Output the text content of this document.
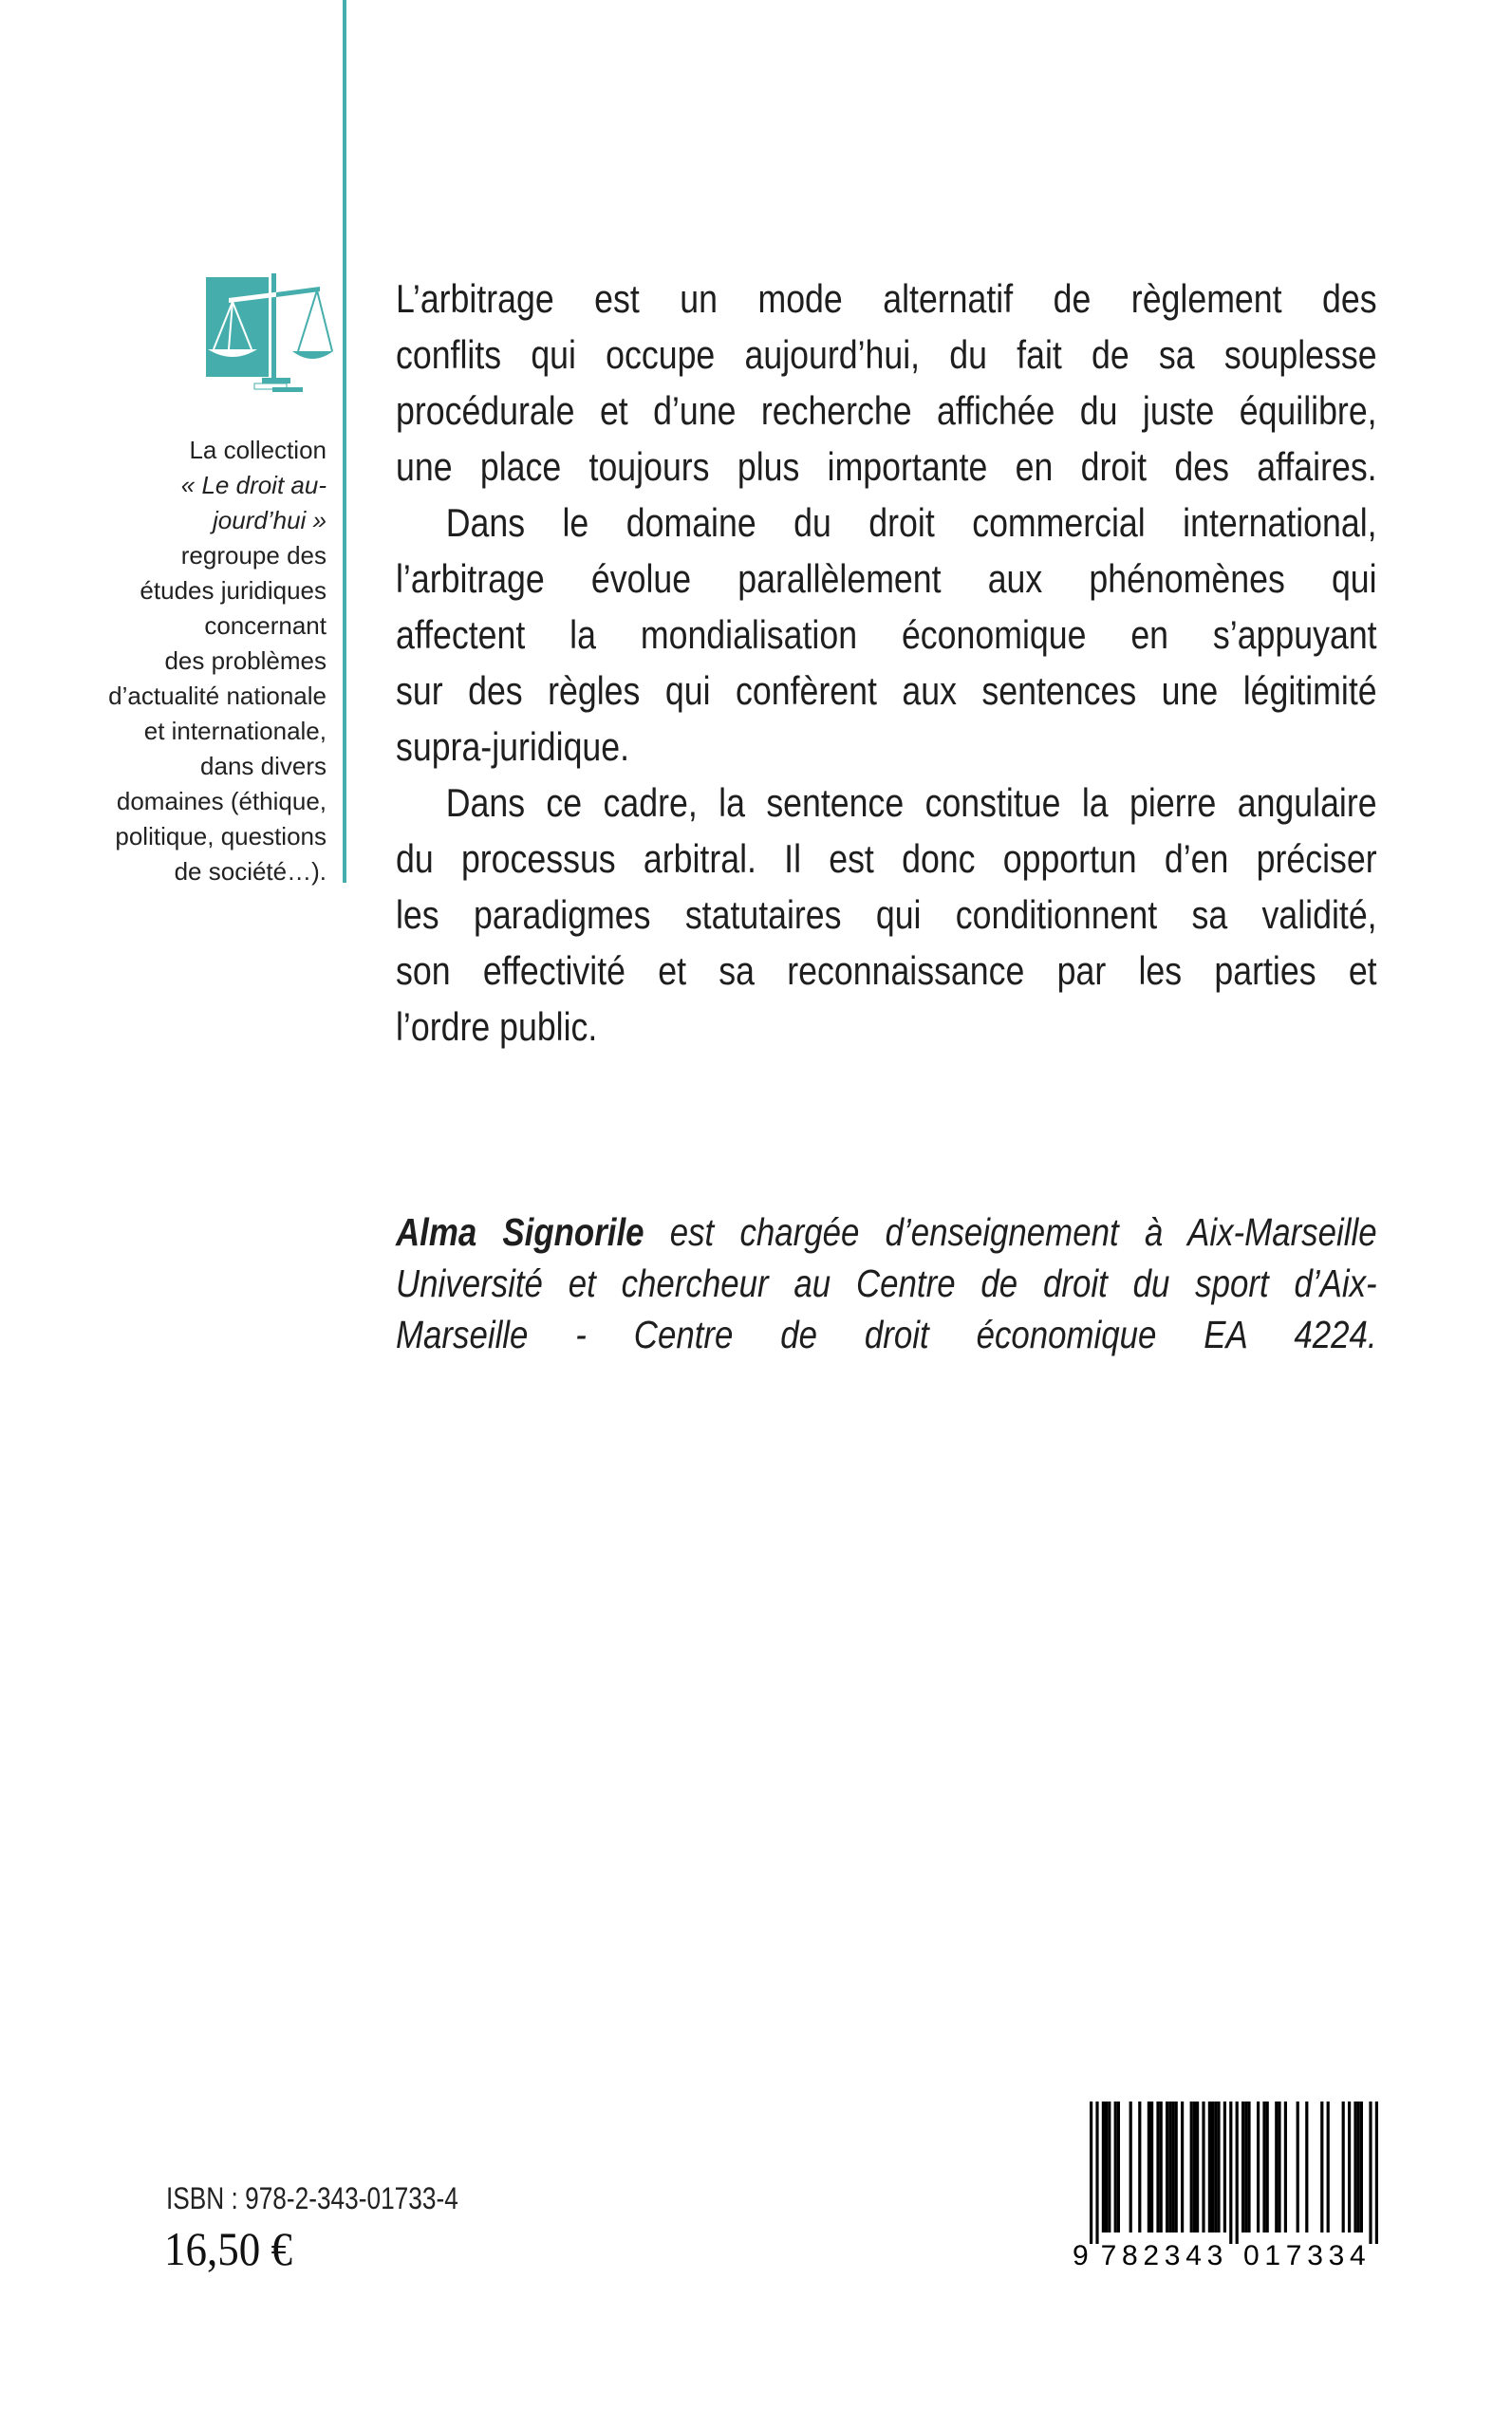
La collection
« Le droit au-
jourd’hui »
regroupe des
études juridiques
concernant
des problèmes
d’actualité nationale
et internationale,
dans divers
domaines (éthique,
politique, questions
de société…).
L’arbitrage est un mode alternatif de règlement des
conflits qui occupe aujourd’hui, du fait de sa souplesse
procédurale et d’une recherche affichée du juste équilibre,
une place toujours plus importante en droit des affaires.
Dans le domaine du droit commercial international,
l’arbitrage évolue parallèlement aux phénomènes qui
affectent la mondialisation économique en s’appuyant
sur des règles qui confèrent aux sentences une légitimité
supra-juridique.
Dans ce cadre, la sentence constitue la pierre angulaire
du processus arbitral. Il est donc opportun d’en préciser
les paradigmes statutaires qui conditionnent sa validité,
son effectivité et sa reconnaissance par les parties et
l’ordre public.
Alma Signorile est chargée d’enseignement à Aix-Marseille
Université et chercheur au Centre de droit du sport d’Aix-
Marseille - Centre de droit économique EA 4224.
ISBN : 978-2-343-01733-4
16,50 €	9 7 8 2 3 4 3 0 1 7 3 3 4
